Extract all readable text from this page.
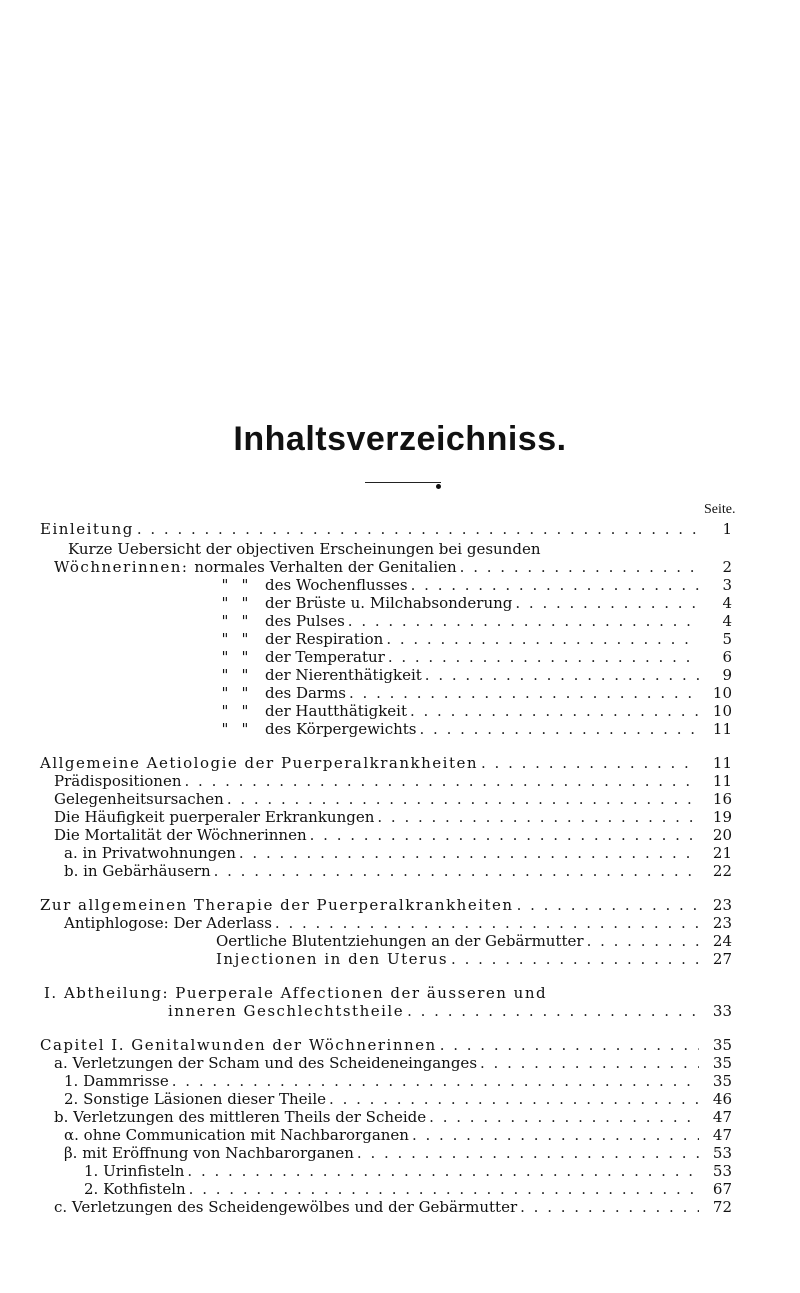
Inhaltsverzeichniss.
Seite.
Einleitung . . .	1
Kurze Uebersicht der objectiven Erscheinungen bei gesunden
Wöchnerinnen: normales Verhalten der Genitalien . . .	2
" "	des Wochenflusses . . .	3
" "	der Brüste u. Milchabsonderung . . .	4
" "	des Pulses . . .	4
" "	der Respiration . . .	5
" "	der Temperatur . . .	6
" "	der Nierenthätigkeit . . .	9
" "	des Darms . . .	10
" "	der Hautthätigkeit . . .	10
" "	des Körpergewichts . . .	11
Allgemeine Aetiologie der Puerperalkrankheiten . . .	11
Prädispositionen . . .	11
Gelegenheitsursachen . . .	16
Die Häufigkeit puerperaler Erkrankungen . . .	19
Die Mortalität der Wöchnerinnen . . .	20
a. in Privatwohnungen . . .	21
b. in Gebärhäusern . . .	22
Zur allgemeinen Therapie der Puerperalkrankheiten . . .	23
Antiphlogose: Der Aderlass . . .	23
Oertliche Blutentziehungen an der Gebärmutter . . .	24
Injectionen in den Uterus . . .	27
I. Abtheilung: Puerperale Affectionen der äusseren und
inneren Geschlechtstheile . . .	33
Capitel I. Genitalwunden der Wöchnerinnen . . .	35
a. Verletzungen der Scham und des Scheideneinganges . . .	35
1. Dammrisse . . .	35
2. Sonstige Läsionen dieser Theile . . .	46
b. Verletzungen des mittleren Theils der Scheide . . .	47
α. ohne Communication mit Nachbarorganen . . .	47
β. mit Eröffnung von Nachbarorganen . . .	53
1. Urinfisteln . . .	53
2. Kothfisteln . . .	67
c. Verletzungen des Scheidengewölbes und der Gebärmutter . . .	72
